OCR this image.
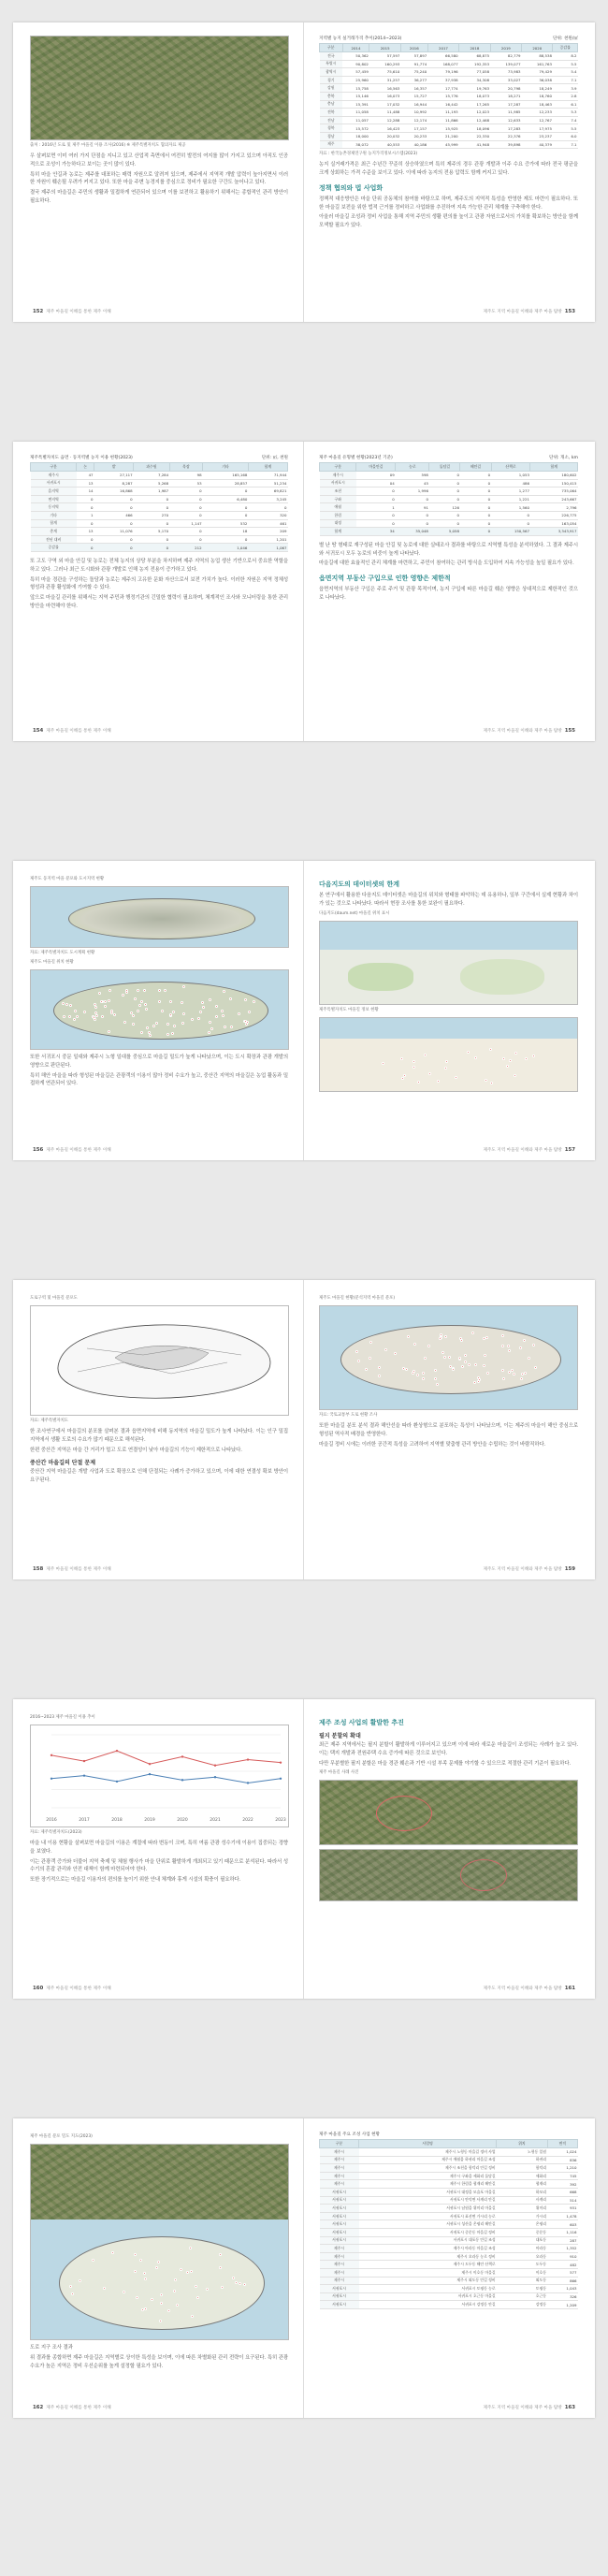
출처 : 2016년 도로 및 제주 마을길 이용 조사(2016) ※ 제주특별자치도 협의자료 제공

우 살펴보면 이미 여러 가지 단점을 지니고 있고 산업적 측면에서 여전히 발전의 여지를 많이 가지고 있으며 아직도 인공적으로 조성이 가능하다고 보이는 곳이 많이 있다.

특히 마을 안길과 농로는 제주를 대표하는 매력 자원으로 알려져 있으며, 제주에서 지역적 개발 압력이 높아지면서 이러한 자원이 훼손될 우려가 커지고 있다. 또한 마을 주변 농경지를 중심으로 정비가 필요한 구간도 늘어나고 있다.

결국 제주의 마을길은 주민의 생활과 밀접하게 연관되어 있으며 이를 보전하고 활용하기 위해서는 종합적인 관리 방안이 필요하다.

152 제주 마을길 이해를 통한 제주 이해
지역별 농지 실거래가격 추이(2014~2023)	단위: 천원/㎡
구분	2014	2015	2016	2017	2018	2019	2020	증감률
전국	50,362	57,597	57,897	66,580	68,875	82,779	88,538	8.2
특별시	90,802	160,293	91,774	168,077	192,353	139,077	161,763	5.5
광역시	57,459	75,610	75,240	79,196	77,058	73,983	79,429	5.4
경기	25,960	31,257	36,277	37,938	34,308	33,027	36,038	7.1
강원	15,758	16,563	16,357	17,774	19,763	20,798	18,249	3.9
충북	15,146	16,073	15,727	15,776	18,073	18,271	18,760	2.8
충남	15,391	17,032	16,944	16,442	17,265	17,287	18,463	6.1
전북	11,058	11,488	10,992	11,193	12,023	11,985	12,233	5.3
전남	11,057	12,288	12,174	11,866	12,468	12,633	12,767	7.4
경북	15,572	16,423	17,157	15,925	18,096	17,283	17,975	5.5
경남	18,000	20,032	20,233	21,200	22,330	22,376	23,237	6.0
제주	38,072	40,553	40,186	45,999	41,948	39,898	40,379	7.1
자료 : 한국농촌경제연구원 농지가격정보시스템(2023)

농지 실거래가격은 최근 수년간 꾸준히 상승하였으며 특히 제주의 경우 관광 개발과 이주 수요 증가에 따라 전국 평균을 크게 상회하는 가격 수준을 보이고 있다. 이에 따라 농지의 전용 압력도 함께 커지고 있다.

정책 협의와 법 사업화

정책적 대응방안은 마을 단위 공동체의 참여를 바탕으로 하며, 제주도의 지역적 특성을 반영한 제도 마련이 필요하다. 또한 마을길 보전을 위한 법적 근거를 정비하고 사업화를 추진하여 지속 가능한 관리 체계를 구축해야 한다.

아울러 마을길 조성과 정비 사업을 통해 지역 주민의 생활 편의를 높이고 관광 자원으로서의 가치를 확보하는 방안을 함께 모색할 필요가 있다.

제주도 지역 마을길 이해와 제주 마을 탐방 153
제주특별자치도 읍면 · 동지역별 농지 이용 현황(2023)	단위: ㎡, 천원
구분	논	밭	과수원	목장	기타	합계
제주시	47	27,117	7,284	98	165,168	71,944
서귀포시	13	8,287	5,268	53	28,857	51,234
읍지역	14	16,868	1,987	0	0	69,821
면지역	0	0	0	0	6,480	3,245
동지역	0	0	0	0	0	0
기타	1	466	270	0	0	320
합계	0	0	0	1,147	532	461
총계	13	11,076	5,170	0	18	209
전년 대비	0	0	0	0	0	1,201
증감률	0	0	0	212	1,046	1,067

또 고도 구역 외 마을 안길 및 농로는 전체 농지의 상당 부분을 차지하며 제주 지역의 농업 생산 기반으로서 중요한 역할을 하고 있다. 그러나 최근 도시화와 관광 개발로 인해 농지 전용이 증가하고 있다.

특히 마을 경관을 구성하는 돌담과 농로는 제주의 고유한 문화 자산으로서 보전 가치가 높다. 이러한 자원은 지역 정체성 형성과 관광 활성화에 기여할 수 있다.

앞으로 마을길 관리를 위해서는 지역 주민과 행정기관의 긴밀한 협력이 필요하며, 체계적인 조사와 모니터링을 통한 관리 방안을 마련해야 한다.

154 제주 마을길 이해를 통한 제주 이해
제주 마을길 유형별 현황(2023년 기준)	단위: 개소, km
구분	마을안길	농로	돌담길	해안길	산책로	합계
제주시	09	598	0	0	1,053	180,602
서귀포시	04	45	0	0	486	150,415
조천	0	1,996	0	0	1,277	735,064
구좌	0	0	0	0	1,221	243,667
애월	1	91	126	0	1,560	2,796
한림	0	0	0	0	0	226,775
대정	0	0	0	0	0	163,054
합계	34	35,048	5,058	0	150,567	3,343,917

별 난 땅 형태로 재구성된 마을 안길 및 농로에 대한 실태조사 결과를 바탕으로 지역별 특성을 분석하였다. 그 결과 제주시와 서귀포시 모두 농로의 비중이 높게 나타났다.

마을길에 대한 효율적인 관리 체계를 마련하고, 주민이 참여하는 관리 방식을 도입하여 지속 가능성을 높일 필요가 있다.

읍면지역 부동산 구입으로 인한 영향은 제한적

읍면지역의 부동산 구입은 주로 주거 및 관광 목적이며, 농지 구입에 따른 마을길 훼손 영향은 상대적으로 제한적인 것으로 나타났다.

제주도 지역 마을길 이해와 제주 마을 탐방 155
제주도 동지역 마을 분포와 도시지역 현황
자료: 제주특별자치도 도시계획 현황
제주도 마을길 위치 현황

또한 서귀포시 중문 일대와 제주시 노형 일대를 중심으로 마을길 밀도가 높게 나타났으며, 이는 도시 확장과 관광 개발의 영향으로 판단된다.

특히 해안 마을을 따라 형성된 마을길은 관광객의 이용이 많아 정비 수요가 높고, 중산간 지역의 마을길은 농업 활동과 밀접하게 연관되어 있다.

156 제주 마을길 이해를 통한 제주 이해
다음지도의 데이터셋의 한계

본 연구에서 활용한 다음지도 데이터셋은 마을길의 위치와 형태를 파악하는 데 유용하나, 일부 구간에서 실제 현황과 차이가 있는 것으로 나타났다. 따라서 현장 조사를 통한 보완이 필요하다.

다음지도(daum.net) 마을길 위치 표시
제주특별자치도 마을길 정보 현황
제주도 지역 마을길 이해와 제주 마을 탐방 157
도로구역 및 마을길 분포도
자료: 제주특별자치도

한 조사연구에서 마을길의 분포를 살펴본 결과 읍면지역에 비해 동지역의 마을길 밀도가 높게 나타났다. 이는 인구 밀집 지역에서 생활 도로의 수요가 많기 때문으로 해석된다.

한편 중산간 지역은 마을 간 거리가 멀고 도로 연결성이 낮아 마을길의 기능이 제한적으로 나타났다.

중산간 마을길의 단절 문제

중산간 지역 마을길은 개발 사업과 도로 확장으로 인해 단절되는 사례가 증가하고 있으며, 이에 대한 연결성 확보 방안이 요구된다.

158 제주 마을길 이해를 통한 제주 이해
제주도 마을길 현황(분석지역 마을길 분포)
자료: 국토교통부 도로 현황 조사

또한 마을길 분포 분석 결과 해안선을 따라 환상형으로 분포하는 특성이 나타났으며, 이는 제주의 마을이 해안 중심으로 형성된 역사적 배경을 반영한다.

마을길 정비 시에는 이러한 공간적 특성을 고려하여 지역별 맞춤형 관리 방안을 수립하는 것이 바람직하다.

제주도 지역 마을길 이해와 제주 마을 탐방 159
2016~2023 제주 마을길 이용 추이
2016	2017	2018	2019	2020	2021	2022	2023
자료: 제주특별자치도(2023)

마을 내 이용 현황을 살펴보면 마을길의 이용은 계절에 따라 변동이 크며, 특히 여름 관광 성수기에 이용이 집중되는 경향을 보였다.

이는 관광객 증가와 더불어 지역 축제 및 체험 행사가 마을 단위로 활발하게 개최되고 있기 때문으로 분석된다. 따라서 성수기의 혼잡 관리와 안전 대책이 함께 마련되어야 한다.

또한 장기적으로는 마을길 이용자의 편의를 높이기 위한 안내 체계와 휴게 시설의 확충이 필요하다.

160 제주 마을길 이해를 통한 제주 이해
제주 조성 사업의 활발한 추진
필지 분할의 확대

최근 제주 지역에서는 필지 분할이 활발하게 이루어지고 있으며 이에 따라 새로운 마을길이 조성되는 사례가 늘고 있다. 이는 택지 개발과 전원주택 수요 증가에 따른 것으로 보인다.

다만 무분별한 필지 분할은 마을 경관 훼손과 기반 시설 부족 문제를 야기할 수 있으므로 적절한 관리 기준이 필요하다.

제주 마을길 사례 사진
제주도 지역 마을길 이해와 제주 마을 탐방 161
제주 마을길 분포 밀도 지도(2023)

도로 지구 조사 결과

위 결과를 종합하면 제주 마을길은 지역별로 상이한 특성을 보이며, 이에 따른 차별화된 관리 전략이 요구된다. 특히 관광 수요가 높은 지역은 정비 우선순위를 높게 설정할 필요가 있다.

162 제주 마을길 이해를 통한 제주 이해
제주 마을길 주요 조성 사업 현황
구분	사업명	위치	면적
제주시	제주시 노형동 마을길 정비 사업	노형동 일원	1,024
제주시	제주시 애월읍 하귀리 마을길 조성	하귀리	836
제주시	제주시 조천읍 함덕리 안길 정비	함덕리	1,210
제주시	제주시 구좌읍 세화리 돌담길	세화리	745
제주시	제주시 한림읍 협재리 해안길	협재리	392
서귀포시	서귀포시 대정읍 모슬포 마을길	하모리	668
서귀포시	서귀포시 안덕면 사계리 안길	사계리	514
서귀포시	서귀포시 남원읍 위미리 마을길	위미리	931
서귀포시	서귀포시 표선면 가시리 농로	가시리	1,478
서귀포시	서귀포시 성산읍 온평리 해안길	온평리	603
서귀포시	서귀포시 중문동 마을길 정비	중문동	1,116
서귀포시	서귀포시 대포동 안길 조성	대포동	287
제주시	제주시 아라동 마을길 조성	아라동	1,352
제주시	제주시 오라동 농로 정비	오라동	910
제주시	제주시 도두동 해안 산책로	도두동	482
제주시	제주시 이호동 마을길	이호동	577
제주시	제주시 외도동 안길 정비	외도동	866
서귀포시	서귀포시 토평동 농로	토평동	1,043
서귀포시	서귀포시 호근동 마을길	호근동	326
서귀포시	서귀포시 강정동 안길	강정동	1,209
제주도 지역 마을길 이해와 제주 마을 탐방 163
